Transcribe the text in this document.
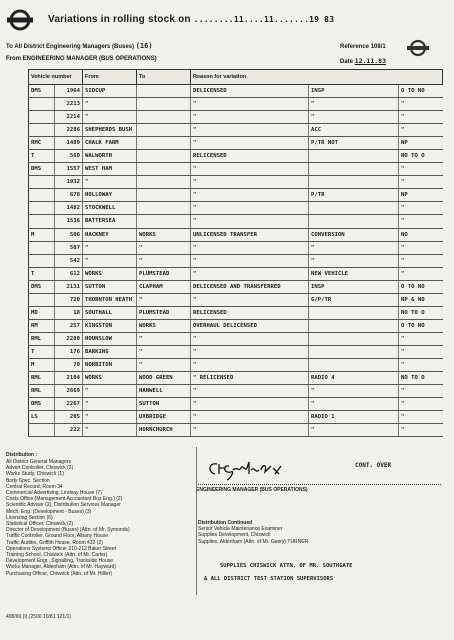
Variations in rolling stock on ........11....11.......19 83
To All District Engineering Managers (Buses) (16)	Reference 108/1
From ENGINEERING MANAGER (BUS OPERATIONS)	Date 12.11.83
Vehicle number		From	To	Reason for variation		
DMS	1964	SIDCUP		DELICENSED	INSP	O TO NO
	2213	"		"	"	"
	2214	"		"	"	"
	2286	SHEPHERDS BUSH		"	ACC	"
RMC	1489	CHALK FARM		"	P/TR MOT	NP
T	560	WALWORTH		RELICENSED		NO TO O
DMS	1557	WEST HAM		"		"
	1932	"		"		"
	678	HOLLOWAY		"	P/TR	NP
	1482	STOCKWELL		"		"
	1536	BATTERSEA		"		"
M	506	HACKNEY	WORKS	UNLICENSED TRANSFER	CONVERSION	NO
	507	"	"	"	"	"
	542	"	"	"	"	"
T	612	WORKS	PLUMSTEAD	"	NEW VEHICLE	"
DMS	2131	SUTTON	CLAPHAM	DELICENSED AND TRANSFERRED	INSP	O TO NO
	720	THORNTON HEATH	"	"	G/P/TR	NP & NO
MD	18	SOUTHALL	PLUMSTEAD	RELICENSED		NO TO O
RM	257	KINGSTON	WORKS	OVERHAUL DELICENSED		O TO NO
RML	2280	HOUNSLOW	"	"		"
T	176	BARKING	"	"		"
M	70	NORBITON	"	"		"
RML	2104	WORKS	WOOD GREEN	" RELICENSED	RADIO 4	NO TO O
RML	2669	"	HANWELL	"	"	"
DMS	2267	"	SUTTON	"	"	"
LS	205	"	UXBRIDGE	"	RADIO 1	"
	222	"	HORNCHURCH	"	"	"
CONT. OVER
ENGINEERING MANAGER (BUS OPERATIONS)
Distribution :
All District General Managers
Advert Controller, Chiswick (2)
Works Study, Chiswick (1)
Body Spec. Section
Central Record, Room 34
Commercial Advertising, Lindsay House (7)
Costs Office (Management Accountant Bus Eng.) (2)
Scientific Adviser (2), Distribution Services Manager
Mech. Eng. (Development - Buses) (3)
Licensing Section (6)
Statistical Officer, Chiswick (2)
Director of Development (Buses) (Attn. of Mr. Symonds)
Traffic Controller, Ground Floor, Albany House
Traffic Auditor, Griffith House, Room 432 (2)
Operations Systems Officer 210-212 Baker Street
Training School, Chiswick (Attn. of Mr. Carter)
Development Engr., Signalling, Trackside House
Works Manager, Aldenham (Attn. of Mr. Hayward)
Purchasing Officer, Chiswick (Attn. of Mr. Hillier)
Distribution Continued
Senior Vehicle Maintenance Examiner
Supplies Development, Chiswick
Supplies, Aldenham (Attn. of Mr. Geery) TURNER
SUPPLIES CHISWICK ATTN. OF MR. SOUTHGATE
& ALL DISTRICT TEST STATION SUPERVISORS
408/69 (I) (2500 10/81 121/1)
